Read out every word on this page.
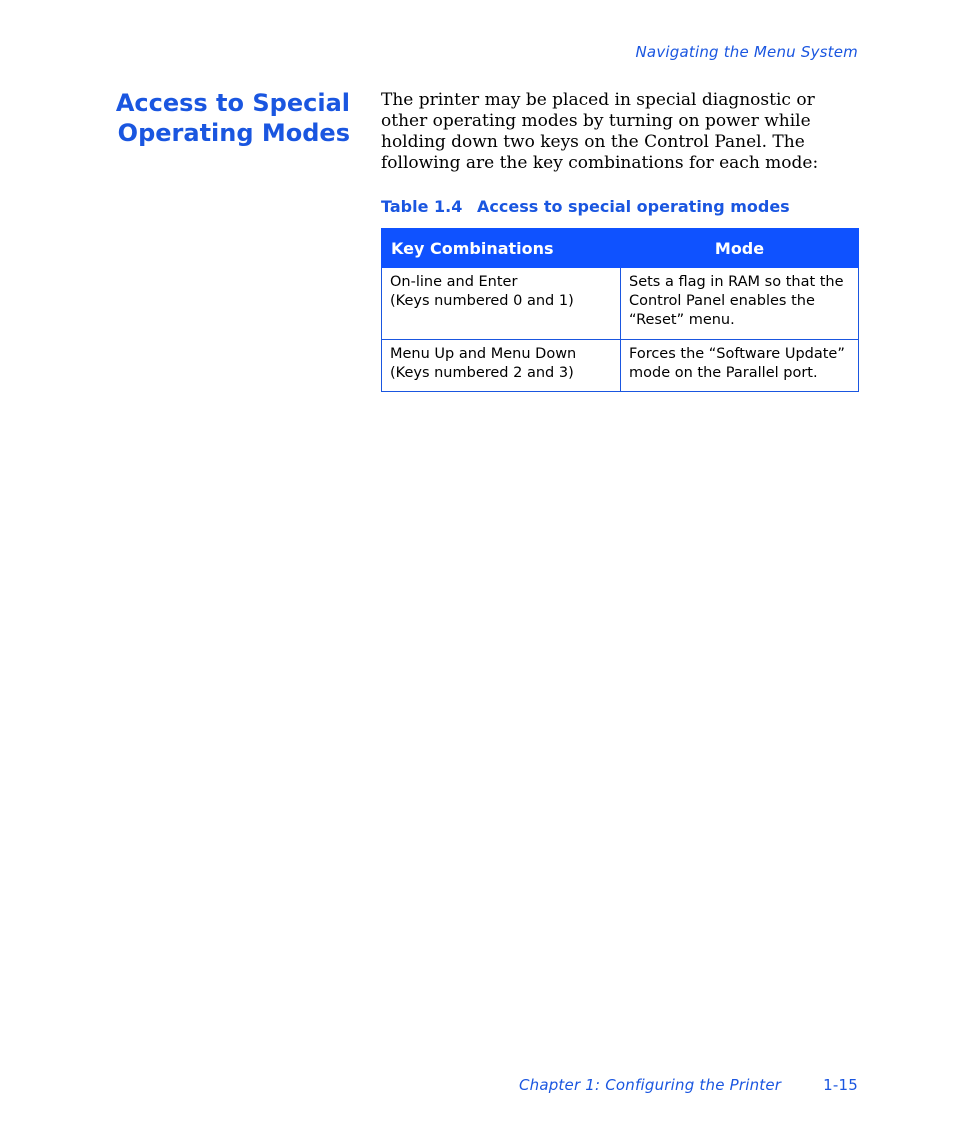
Navigating the Menu System
Access to Special
Operating Modes

The printer may be placed in special diagnostic or other operating modes by turning on power while holding down two keys on the Control Panel. The following are the key combinations for each mode:

Table 1.4 Access to special operating modes
Key Combinations	Mode

On-line and Enter
(Keys numbered 0 and 1)	Sets a flag in RAM so that the
Control Panel enables the
“Reset” menu.

Menu Up and Menu Down
(Keys numbered 2 and 3)	Forces the “Software Update”
mode on the Parallel port.
Chapter 1: Configuring the Printer	1-15
